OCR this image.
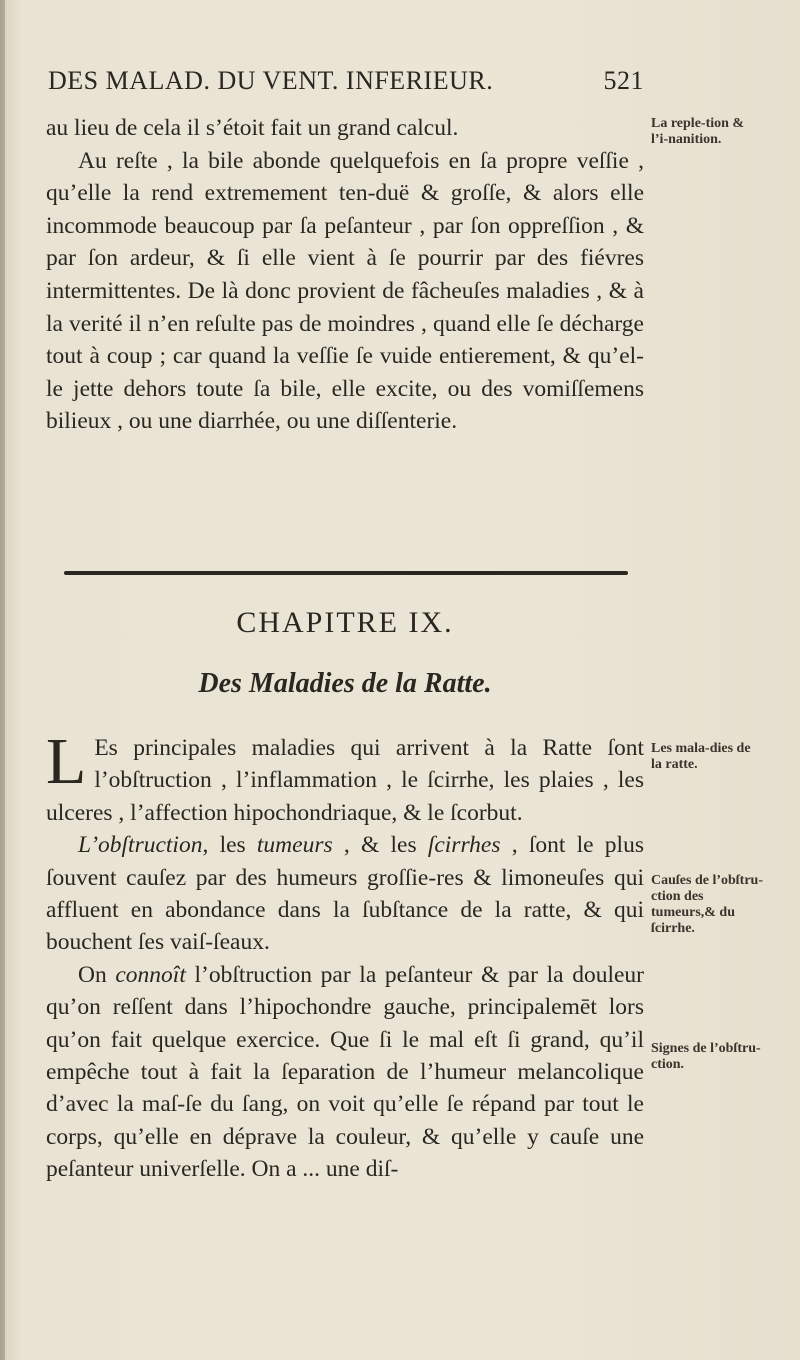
DES MALAD. DU VENT. INFERIEUR.	521

au lieu de cela il s’étoit fait un grand calcul.

Au reſte , la bile abonde quelquefois en ſa propre veſſie , qu’elle la rend extremement ten-duë & groſſe, & alors elle incommode beaucoup par ſa peſanteur , par ſon oppreſſion , & par ſon ardeur, & ſi elle vient à ſe pourrir par des fiévres intermittentes. De là donc provient de fâcheuſes maladies , & à la verité il n’en reſulte pas de moindres , quand elle ſe décharge tout à coup ; car quand la veſſie ſe vuide entierement, & qu’el-le jette dehors toute ſa bile, elle excite, ou des vomiſſemens bilieux , ou une diarrhée, ou une diſſenterie.

La reple-tion & l’i-nanition.
CHAPITRE IX.
Des Maladies de la Ratte.

L Es principales maladies qui arrivent à la Ratte ſont l’obſtruction , l’inflammation , le ſcirrhe, les plaies , les ulceres , l’affection hipochondriaque, & le ſcorbut.

L’obſtruction, les tumeurs , & les ſcirrhes , ſont le plus ſouvent cauſez par des humeurs groſſie-res & limoneuſes qui affluent en abondance dans la ſubſtance de la ratte, & qui bouchent ſes vaiſ-ſeaux.

On connoît l’obſtruction par la peſanteur & par la douleur qu’on reſſent dans l’hipochondre gauche, principalemēt lors qu’on fait quelque exercice. Que ſi le mal eſt ſi grand, qu’il empêche tout à fait la ſeparation de l’humeur melancolique d’avec la maſ-ſe du ſang, on voit qu’elle ſe répand par tout le corps, qu’elle en déprave la couleur, & qu’elle y cauſe une peſanteur univerſelle. On a ... une diſ-

Les mala-dies de la ratte.
Cauſes de l’obſtru-ction des tumeurs,& du ſcirrhe.
Signes de l’obſtru-ction.
